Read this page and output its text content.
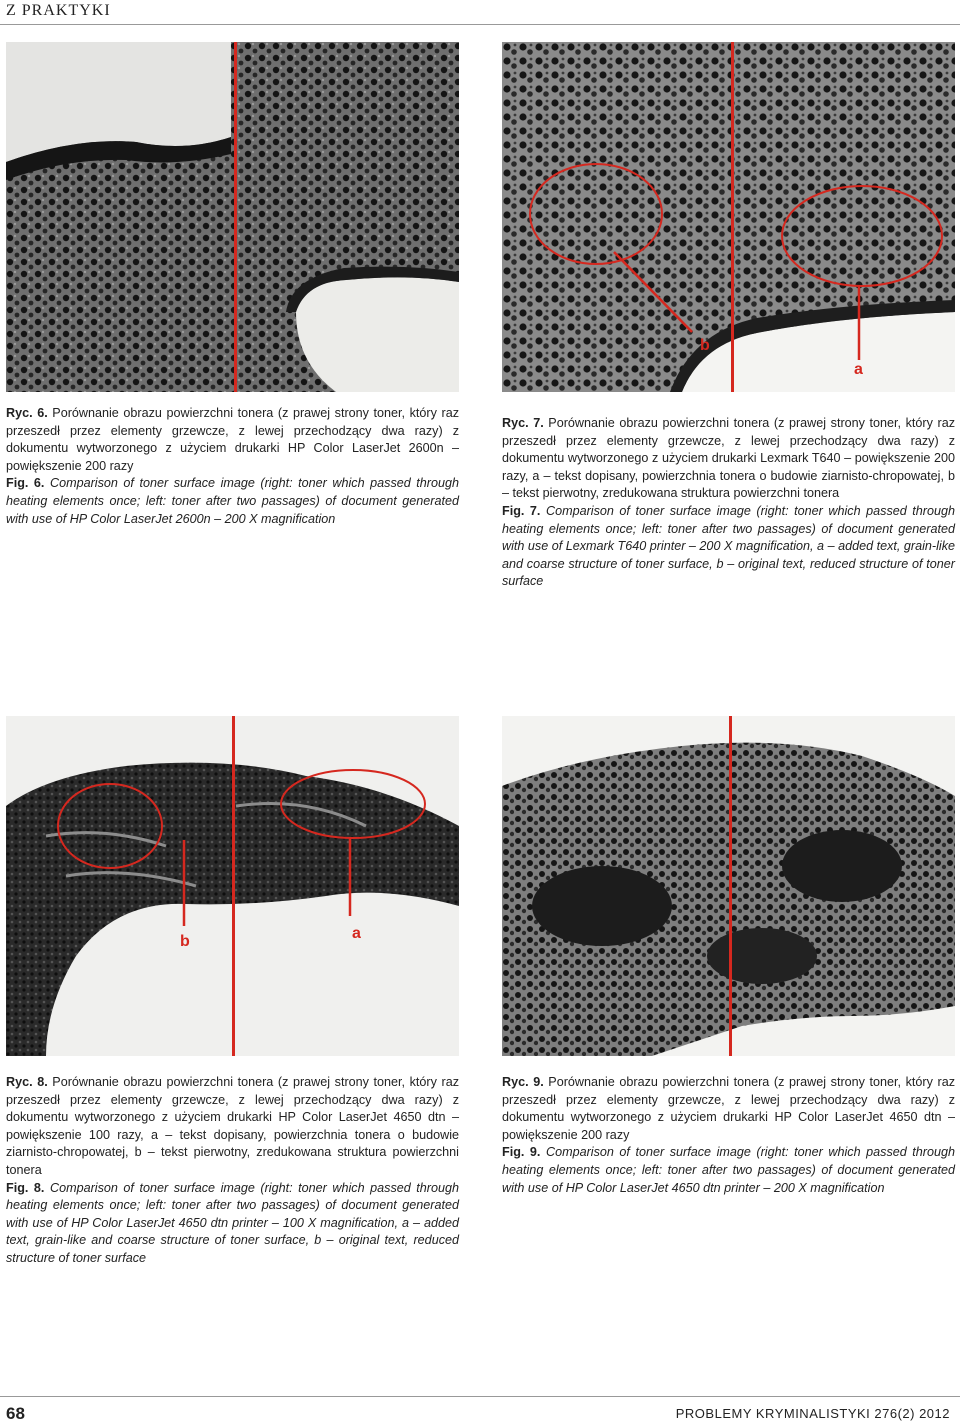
Z PRAKTYKI
b
a

Ryc. 6. Porównanie obrazu powierzchni tonera (z prawej strony toner, który raz przeszedł przez elementy grzewcze, z lewej przechodzący dwa razy) z dokumentu wytworzonego z użyciem drukarki HP Color LaserJet 2600n – powiększenie 200 razy

Fig. 6. Comparison of toner surface image (right: toner which passed through heating elements once; left: toner after two passages) of document generated with use of HP Color LaserJet 2600n – 200 X magnification

Ryc. 7. Porównanie obrazu powierzchni tonera (z prawej strony toner, który raz przeszedł przez elementy grzewcze, z lewej przechodzący dwa razy) z dokumentu wytworzonego z użyciem drukarki Lexmark T640 – powiększenie 200 razy, a – tekst dopisany, powierzchnia tonera o budowie ziarnisto-chropowatej, b – tekst pierwotny, zredukowana struktura powierzchni tonera

Fig. 7. Comparison of toner surface image (right: toner which passed through heating elements once; left: toner after two passages) of document generated with use of Lexmark T640 printer – 200 X magnification, a – added text, grain-like and coarse structure of toner surface, b – original text, reduced structure of toner surface

b	a

Ryc. 8. Porównanie obrazu powierzchni tonera (z prawej strony toner, który raz przeszedł przez elementy grzewcze, z lewej przechodzący dwa razy) z dokumentu wytworzonego z użyciem drukarki HP Color LaserJet 4650 dtn – powiększenie 100 razy, a – tekst dopisany, powierzchnia tonera o budowie ziarnisto-chropowatej, b – tekst pierwotny, zredukowana struktura powierzchni tonera

Fig. 8. Comparison of toner surface image (right: toner which passed through heating elements once; left: toner after two passages) of document generated with use of HP Color LaserJet 4650 dtn printer – 100 X magnification, a – added text, grain-like and coarse structure of toner surface, b – original text, reduced structure of toner surface

Ryc. 9. Porównanie obrazu powierzchni tonera (z prawej strony toner, który raz przeszedł przez elementy grzewcze, z lewej przechodzący dwa razy) z dokumentu wytworzonego z użyciem drukarki HP Color LaserJet 4650 dtn – powiększenie 200 razy

Fig. 9. Comparison of toner surface image (right: toner which passed through heating elements once; left: toner after two passages) of document generated with use of HP Color LaserJet 4650 dtn printer – 200 X magnification

68	PROBLEMY KRYMINALISTYKI 276(2) 2012
